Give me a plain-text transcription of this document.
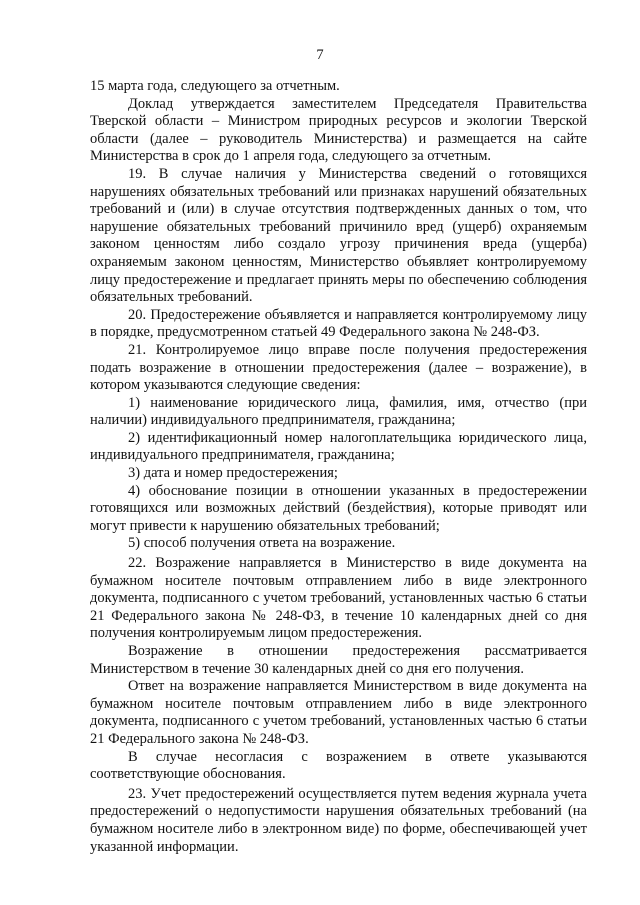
7

15 марта года, следующего за отчетным.

Доклад утверждается заместителем Председателя Правительства Тверской области – Министром природных ресурсов и экологии Тверской области (далее – руководитель Министерства) и размещается на сайте Министерства в срок до 1 апреля года, следующего за отчетным.

19. В случае наличия у Министерства сведений о готовящихся нарушениях обязательных требований или признаках нарушений обязательных требований и (или) в случае отсутствия подтвержденных данных о том, что нарушение обязательных требований причинило вред (ущерб) охраняемым законом ценностям либо создало угрозу причинения вреда (ущерба) охраняемым законом ценностям, Министерство объявляет контролируемому лицу предостережение и предлагает принять меры по обеспечению соблюдения обязательных требований.

20. Предостережение объявляется и направляется контролируемому лицу в порядке, предусмотренном статьей 49 Федерального закона № 248-ФЗ.

21. Контролируемое лицо вправе после получения предостережения подать возражение в отношении предостережения (далее – возражение), в котором указываются следующие сведения:

1) наименование юридического лица, фамилия, имя, отчество (при наличии) индивидуального предпринимателя, гражданина;

2) идентификационный номер налогоплательщика юридического лица, индивидуального предпринимателя, гражданина;

3) дата и номер предостережения;

4) обоснование позиции в отношении указанных в предостережении готовящихся или возможных действий (бездействия), которые приводят или могут привести к нарушению обязательных требований;

5) способ получения ответа на возражение.

22. Возражение направляется в Министерство в виде документа на бумажном носителе почтовым отправлением либо в виде электронного документа, подписанного с учетом требований, установленных частью 6 статьи 21 Федерального закона № 248-ФЗ, в течение 10 календарных дней со дня получения контролируемым лицом предостережения.

Возражение в отношении предостережения рассматривается Министерством в течение 30 календарных дней со дня его получения.

Ответ на возражение направляется Министерством в виде документа на бумажном носителе почтовым отправлением либо в виде электронного документа, подписанного с учетом требований, установленных частью 6 статьи 21 Федерального закона № 248-ФЗ.

В случае несогласия с возражением в ответе указываются соответствующие обоснования.

23. Учет предостережений осуществляется путем ведения журнала учета предостережений о недопустимости нарушения обязательных требований (на бумажном носителе либо в электронном виде) по форме, обеспечивающей учет указанной информации.
